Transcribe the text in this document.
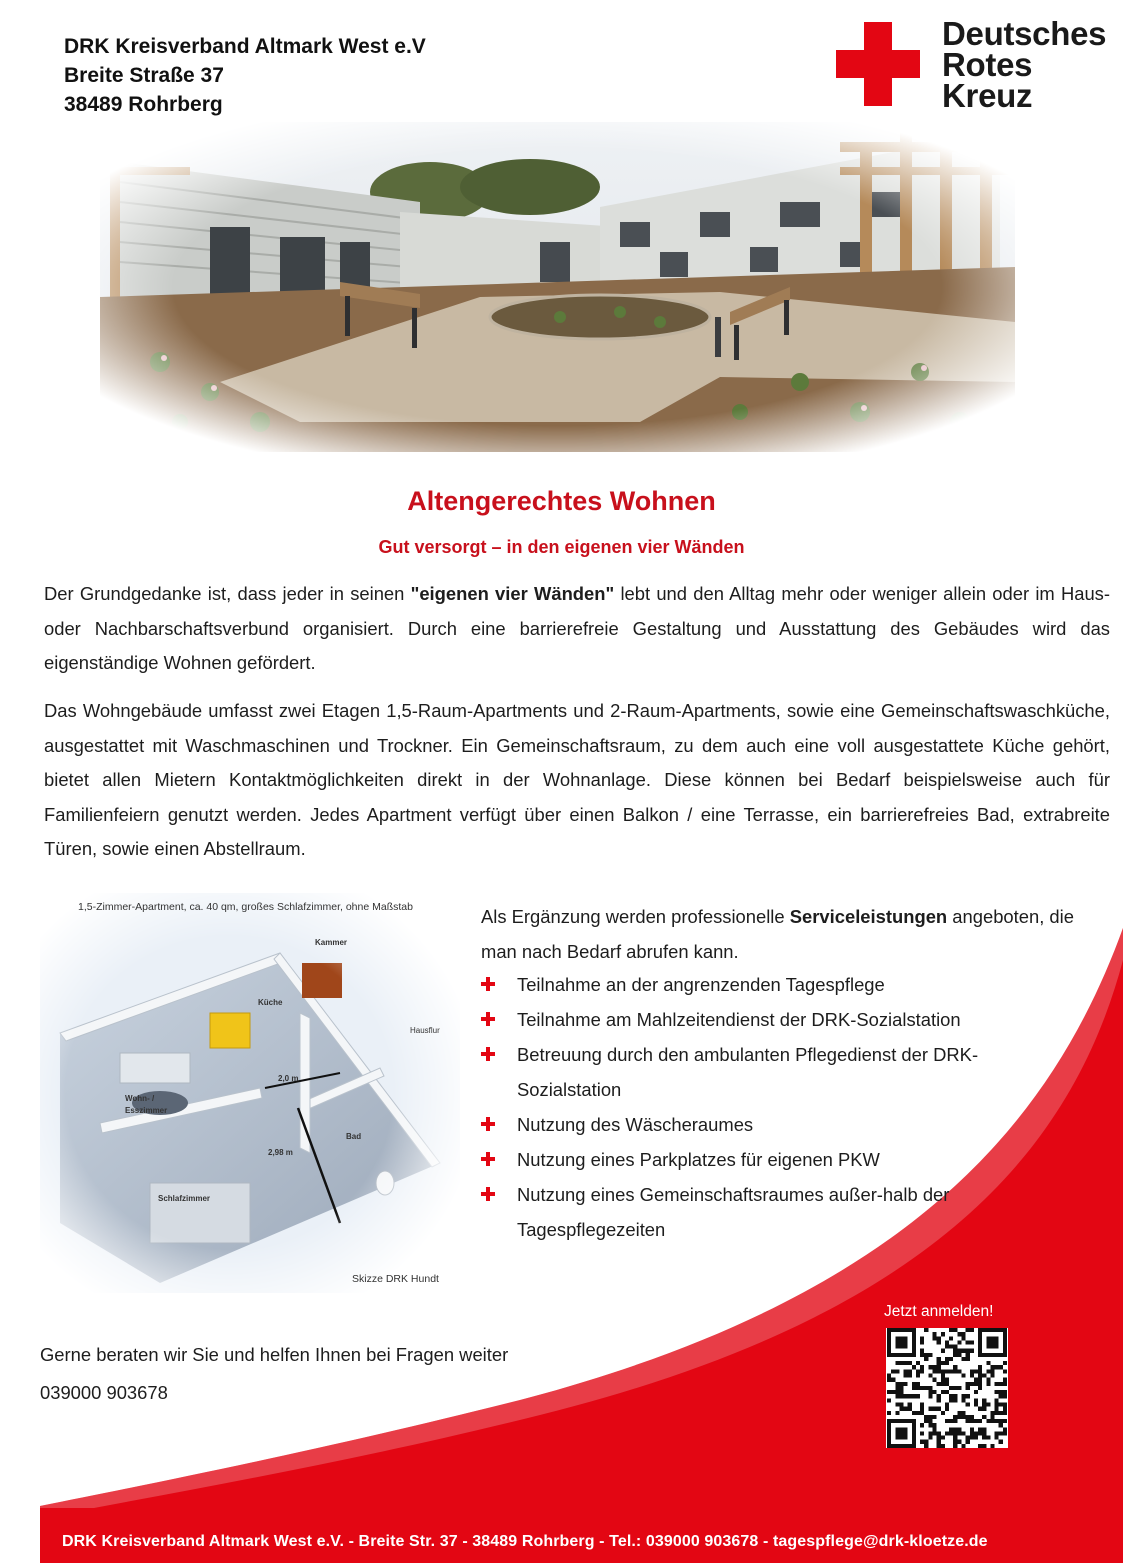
DRK Kreisverband Altmark West e.V
Breite Straße 37
38489 Rohrberg
Deutsches
Rotes
Kreuz
Altengerechtes Wohnen
Gut versorgt – in den eigenen vier Wänden
Der Grundgedanke ist, dass jeder in seinen "eigenen vier Wänden" lebt und den Alltag mehr oder weniger allein oder im Haus- oder Nachbarschaftsverbund organisiert. Durch eine barrierefreie Gestaltung und Ausstattung des Gebäudes wird das eigenständige Wohnen gefördert.
Das Wohngebäude umfasst zwei Etagen 1,5-Raum-Apartments und 2-Raum-Apartments, sowie eine Gemeinschaftswaschküche, ausgestattet mit Waschmaschinen und Trockner. Ein Gemeinschaftsraum, zu dem auch eine voll ausgestattete Küche gehört, bietet allen Mietern Kontaktmöglichkeiten direkt in der Wohnanlage. Diese können bei Bedarf beispielsweise auch für Familienfeiern genutzt werden. Jedes Apartment verfügt über einen Balkon / eine Terrasse, ein barrierefreies Bad, extrabreite Türen, sowie einen Abstellraum.
Kammer
Küche
Hausflur
Wohn- /
Esszimmer
2,0 m
2,98 m
Bad
Schlafzimmer
1,5-Zimmer-Apartment, ca. 40 qm, großes Schlafzimmer, ohne Maßstab
Skizze DRK Hundt
Als Ergänzung werden professionelle Serviceleistungen angeboten, die man nach Bedarf abrufen kann.
Teilnahme an der angrenzenden Tagespflege
Teilnahme am Mahlzeitendienst der DRK-Sozialstation
Betreuung durch den ambulanten Pflegedienst der DRK-Sozialstation
Nutzung des Wäscheraumes
Nutzung eines Parkplatzes für eigenen PKW
Nutzung eines Gemeinschaftsraumes außer-halb der Tagespflegezeiten
Gerne beraten wir Sie und helfen Ihnen bei Fragen weiter
039000 903678
Jetzt anmelden!
DRK Kreisverband Altmark West e.V. - Breite Str. 37 - 38489 Rohrberg - Tel.: 039000 903678 - tagespflege@drk-kloetze.de
